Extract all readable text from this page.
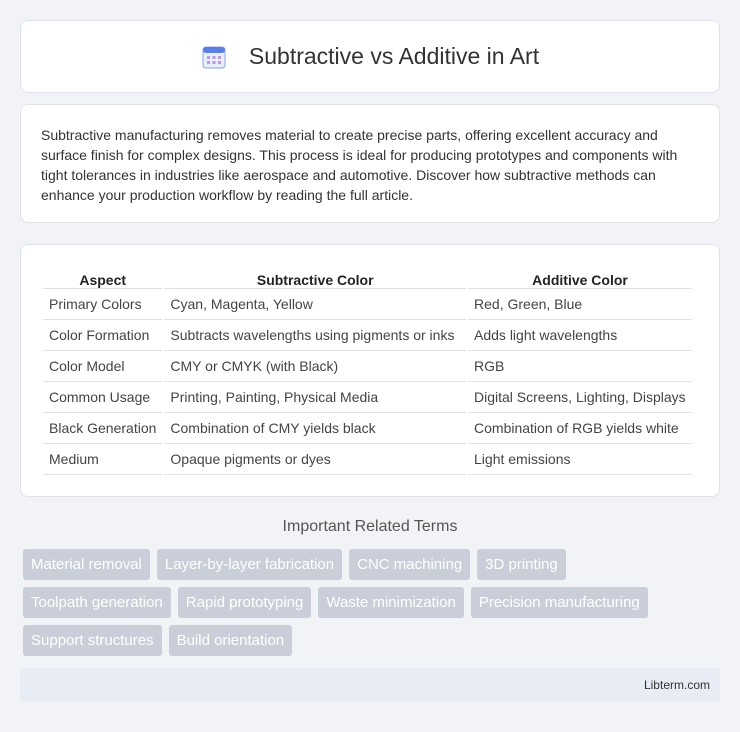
Subtractive vs Additive in Art

Subtractive manufacturing removes material to create precise parts, offering excellent accuracy and surface finish for complex designs. This process is ideal for producing prototypes and components with tight tolerances in industries like aerospace and automotive. Discover how subtractive methods can enhance your production workflow by reading the full article.

Aspect	Subtractive Color	Additive Color
Primary Colors	Cyan, Magenta, Yellow	Red, Green, Blue
Color Formation	Subtracts wavelengths using pigments or inks	Adds light wavelengths
Color Model	CMY or CMYK (with Black)	RGB
Common Usage	Printing, Painting, Physical Media	Digital Screens, Lighting, Displays
Black Generation	Combination of CMY yields black	Combination of RGB yields white
Medium	Opaque pigments or dyes	Light emissions
Important Related Terms
Material removal	Layer-by-layer fabrication	CNC machining	3D printing
Toolpath generation	Rapid prototyping	Waste minimization	Precision manufacturing
Support structures	Build orientation
Libterm.com
